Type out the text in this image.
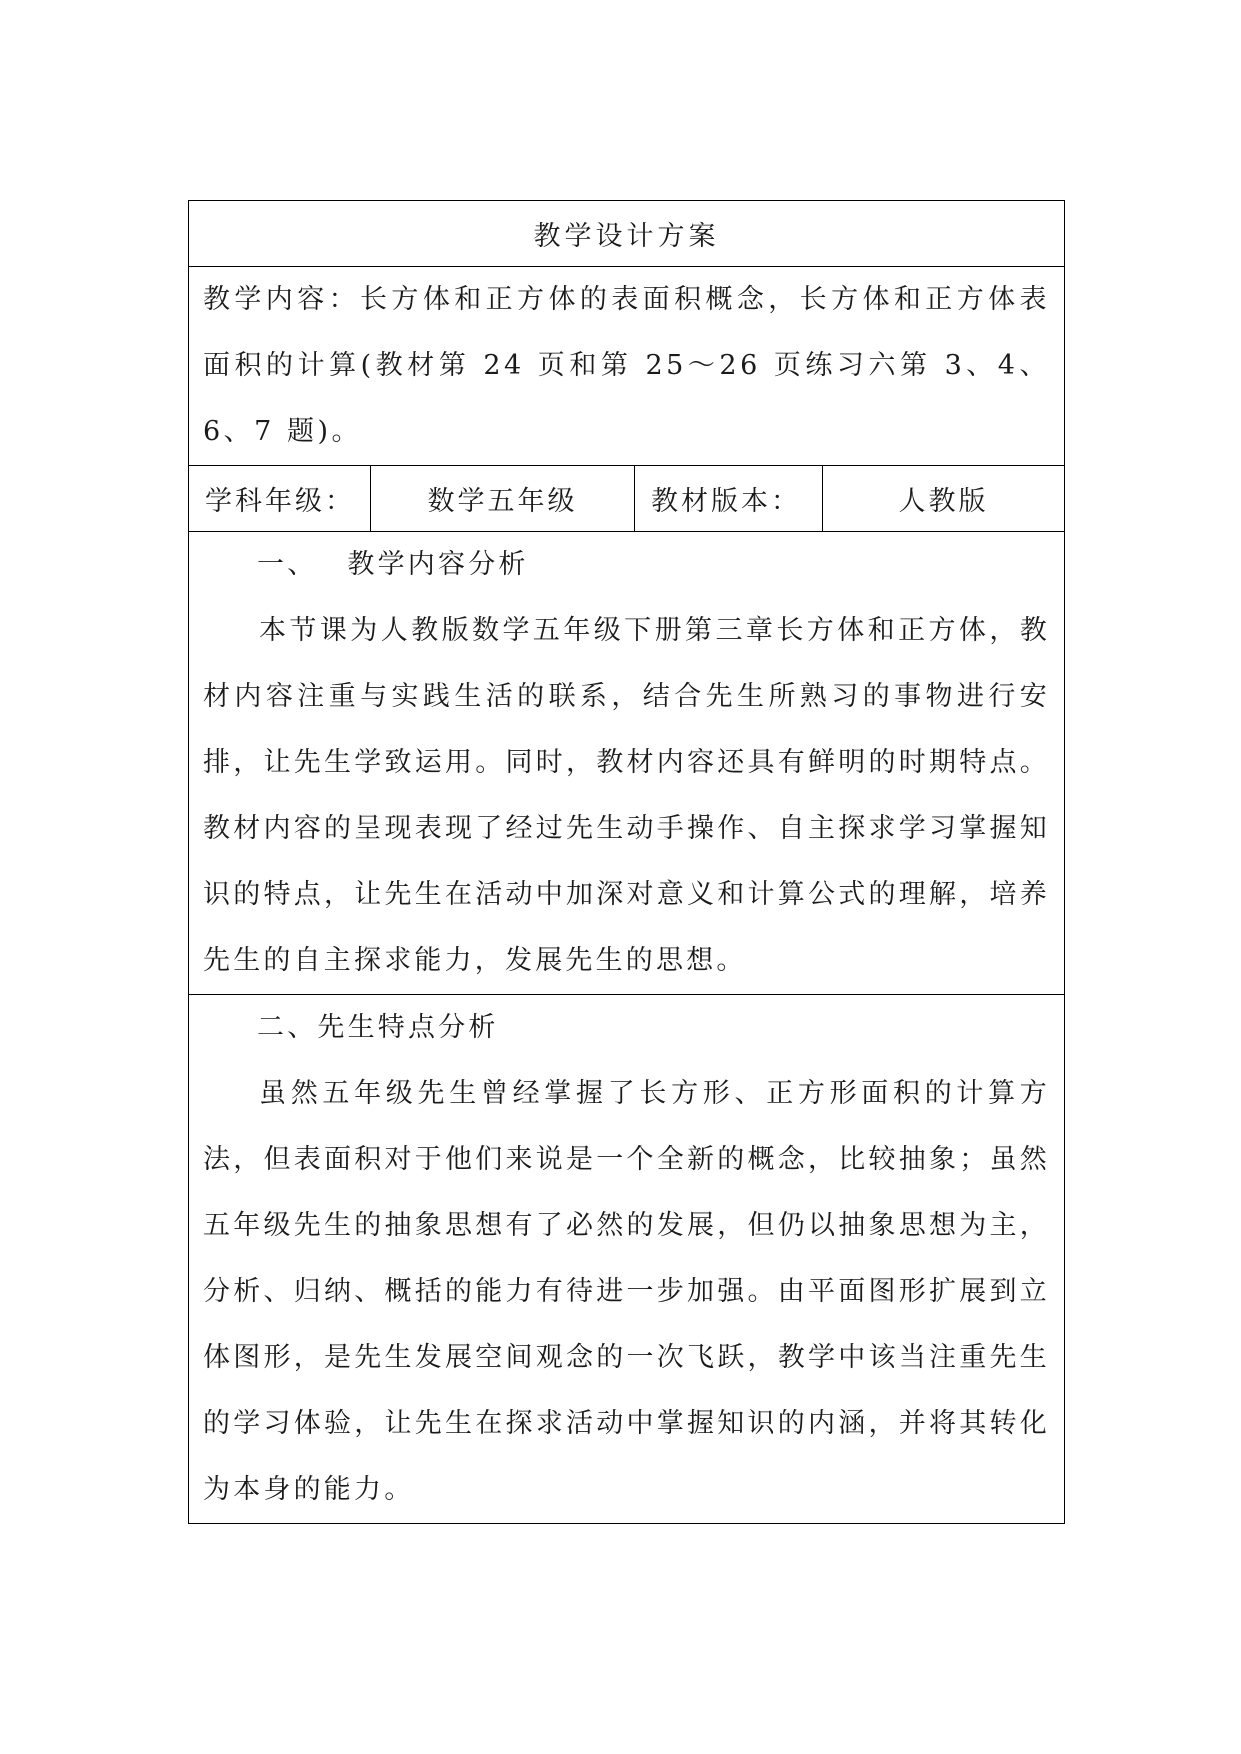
教学设计方案
教学内容：长方体和正方体的表面积概念，长方体和正方体表面积的计算(教材第 24 页和第 25～26 页练习六第 3、4、6、7 题)。
学科年级：	数学五年级	教材版本：	人教版

一、 教学内容分析

本节课为人教版数学五年级下册第三章长方体和正方体，教材内容注重与实践生活的联系，结合先生所熟习的事物进行安排，让先生学致运用。同时，教材内容还具有鲜明的时期特点。教材内容的呈现表现了经过先生动手操作、自主探求学习掌握知识的特点，让先生在活动中加深对意义和计算公式的理解，培养先生的自主探求能力，发展先生的思想。

二、先生特点分析

虽然五年级先生曾经掌握了长方形、正方形面积的计算方法，但表面积对于他们来说是一个全新的概念，比较抽象；虽然五年级先生的抽象思想有了必然的发展，但仍以抽象思想为主，分析、归纳、概括的能力有待进一步加强。由平面图形扩展到立体图形，是先生发展空间观念的一次飞跃，教学中该当注重先生的学习体验，让先生在探求活动中掌握知识的内涵，并将其转化为本身的能力。
